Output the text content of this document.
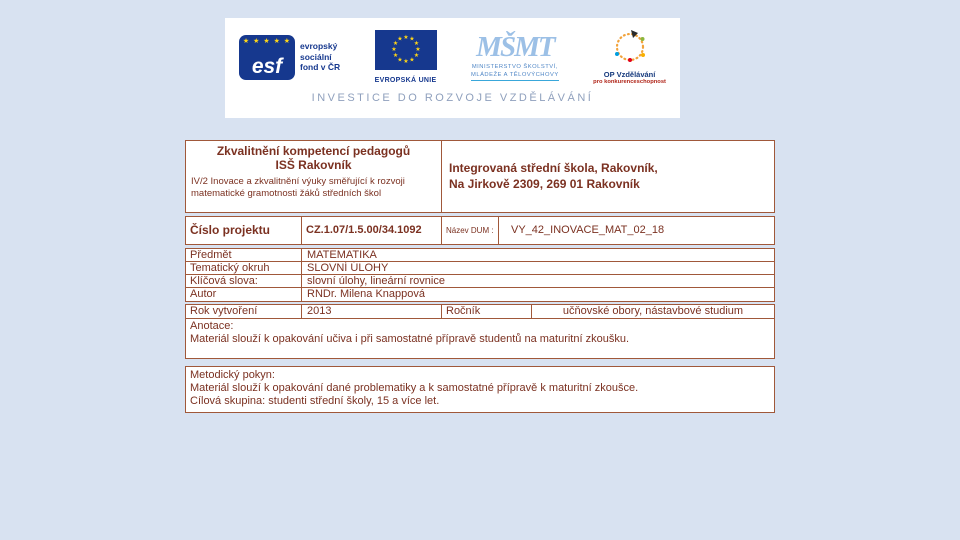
★ ★ ★ ★ ★
esf
evropský
sociální
fond v ČR
★ ★
★
★
★
★
★
★
★
★
★
★
EVROPSKÁ UNIE
MŠMT
MINISTERSTVO ŠKOLSTVÍ,
MLÁDEŽE A TĚLOVÝCHOVY	OP Vzdělávání
pro konkurenceschopnost
INVESTICE DO ROZVOJE VZDĚLÁVÁNÍ
Zkvalitnění kompetencí pedagogů
ISŠ Rakovník
IV/2 Inovace a zkvalitnění výuky směřující k rozvoji matematické gramotnosti žáků středních škol
Integrovaná střední škola, Rakovník,
Na Jirkově 2309, 269 01 Rakovník
Číslo projektu	CZ.1.07/1.5.00/34.1092	Název DUM :	VY_42_INOVACE_MAT_02_18
Předmět	MATEMATIKA
Tematický okruh	SLOVNÍ ÚLOHY
Klíčová slova:	slovní úlohy, lineární rovnice
Autor	RNDr. Milena Knappová
Rok vytvoření	2013	Ročník	učňovské obory, nástavbové studium
Anotace:
Materiál slouží k opakování učiva i při samostatné přípravě studentů na maturitní zkoušku.
Metodický pokyn:
Materiál slouží k opakování dané problematiky a k samostatné přípravě k maturitní zkoušce.
Cílová skupina: studenti střední školy, 15 a více let.
